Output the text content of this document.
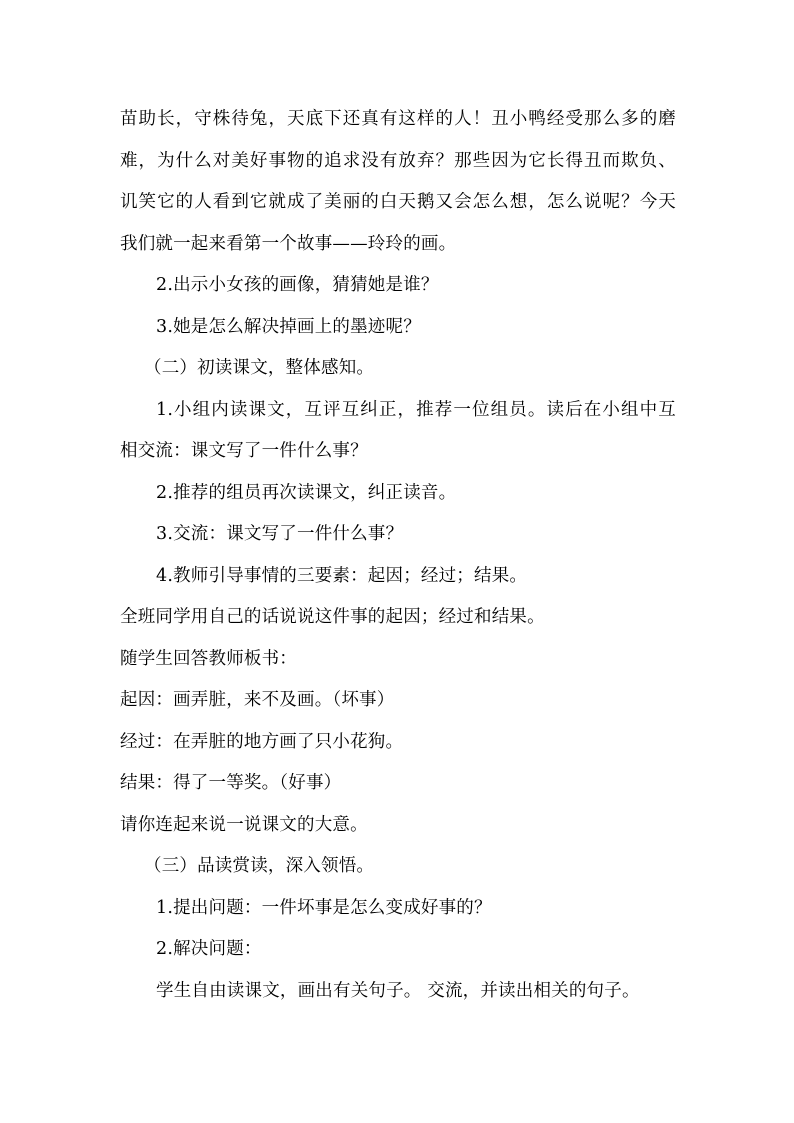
苗助长，守株待兔，天底下还真有这样的人！丑小鸭经受那么多的磨
难，为什么对美好事物的追求没有放弃？那些因为它长得丑而欺负、
讥笑它的人看到它就成了美丽的白天鹅又会怎么想，怎么说呢？今天
我们就一起来看第一个故事——玲玲的画。
2.出示小女孩的画像，猜猜她是谁？
3.她是怎么解决掉画上的墨迹呢？
（二）初读课文，整体感知。
1.小组内读课文，互评互纠正，推荐一位组员。读后在小组中互
相交流：课文写了一件什么事？
2.推荐的组员再次读课文，纠正读音。
3.交流：课文写了一件什么事？
4.教师引导事情的三要素：起因；经过；结果。
全班同学用自己的话说说这件事的起因；经过和结果。
随学生回答教师板书：
起因：画弄脏，来不及画。（坏事）
经过：在弄脏的地方画了只小花狗。
结果：得了一等奖。（好事）
请你连起来说一说课文的大意。
（三）品读赏读，深入领悟。
1.提出问题：一件坏事是怎么变成好事的？
2.解决问题：
学生自由读课文，画出有关句子。 交流，并读出相关的句子。
